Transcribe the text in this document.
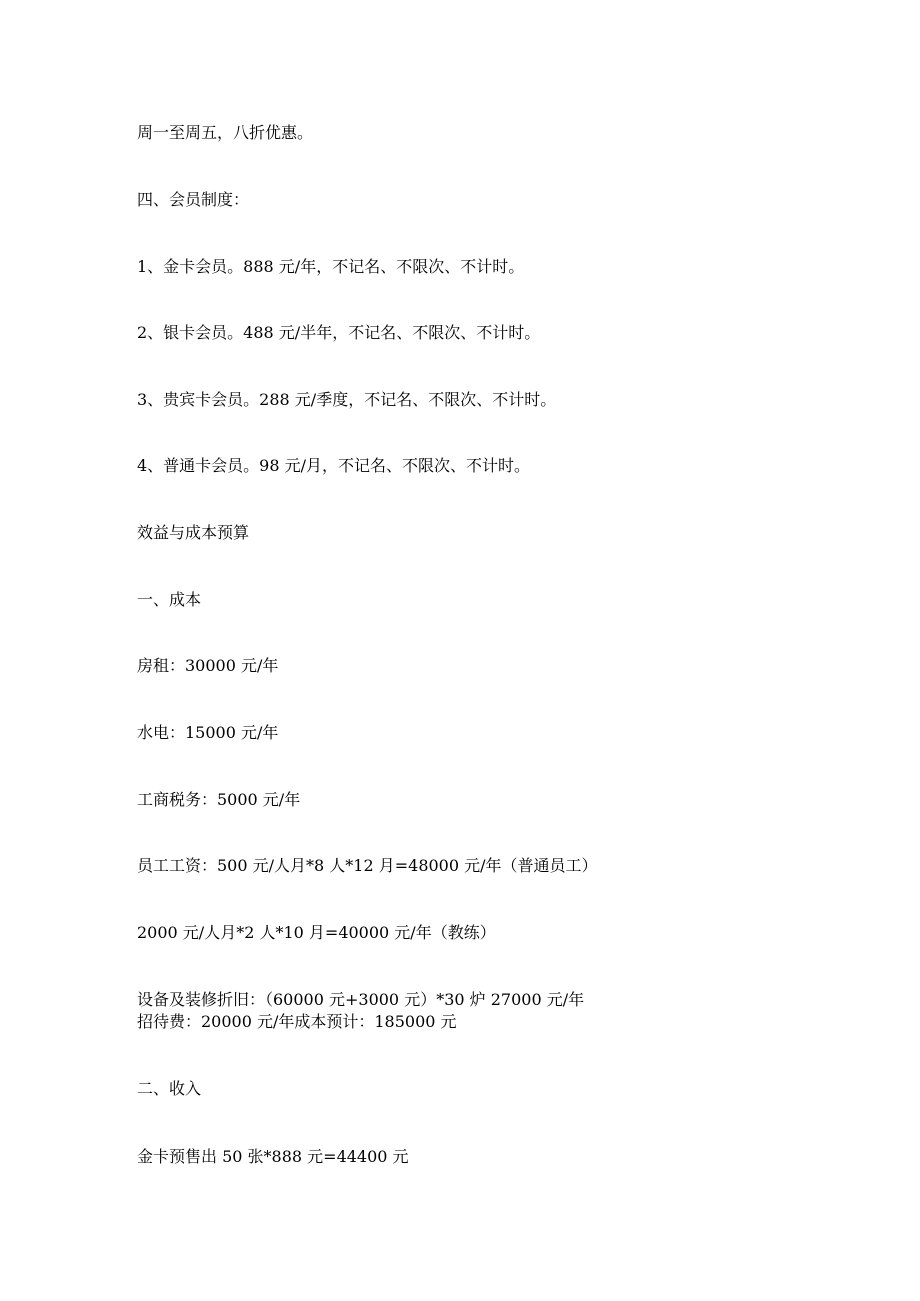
周一至周五，八折优惠。
四、会员制度：
1、金卡会员。888 元/年，不记名、不限次、不计时。
2、银卡会员。488 元/半年，不记名、不限次、不计时。
3、贵宾卡会员。288 元/季度，不记名、不限次、不计时。
4、普通卡会员。98 元/月，不记名、不限次、不计时。
效益与成本预算
一、成本
房租：30000 元/年
水电：15000 元/年
工商税务：5000 元/年
员工工资：500 元/人月*8 人*12 月=48000 元/年（普通员工）
2000 元/人月*2 人*10 月=40000 元/年（教练）
设备及装修折旧：（60000 元+3000 元）*30 炉 27000 元/年
招待费：20000 元/年成本预计：185000 元
二、收入
金卡预售出 50 张*888 元=44400 元
